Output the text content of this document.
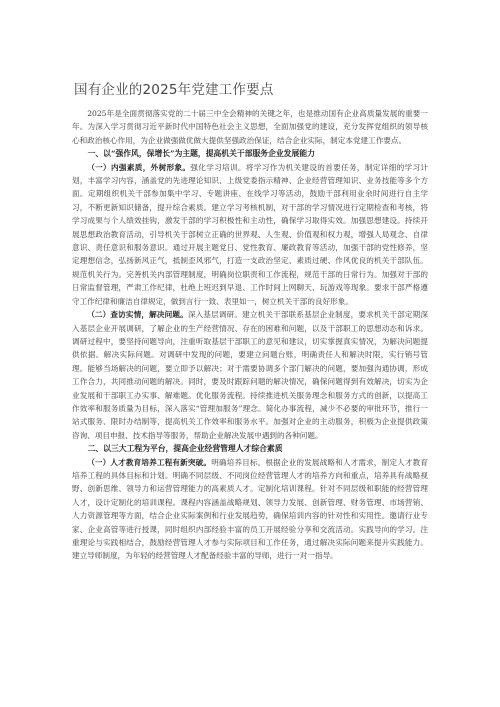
国有企业的2025年党建工作要点

2025年是全面贯彻落实党的二十届三中全会精神的关键之年，也是推动国有企业高质量发展的重要一年。为深入学习贯彻习近平新时代中国特色社会主义思想，全面加强党的建设，充分发挥党组织的领导核心和政治核心作用，为企业做强做优做大提供坚强政治保证，结合企业实际，制定本党建工作要点。

一、以“强作风，保增长”为主题，提高机关干部服务企业发展能力

（一）内强素质，外树形象。强化学习培训。将学习作为机关建设的首要任务，制定详细的学习计划，丰富学习内容，涵盖党的先进理论知识、上级党委指示精神、企业经营管理知识、业务技能等多个方面。定期组织机关干部参加集中学习、专题讲座、在线学习等活动，鼓励干部利用业余时间进行自主学习，不断更新知识储备，提升综合素质。建立学习考核机制，对干部的学习情况进行定期检查和考核，将学习成果与个人绩效挂钩，激发干部的学习积极性和主动性，确保学习取得实效。加强思想建设。持续开展思想政治教育活动，引导机关干部树立正确的世界观、人生观、价值观和权力观，增强人局观念、自律意识、责任意识和服务意识。通过开展主题党日、党性教育、廉政教育等活动，加强干部的党性修养，坚定理想信念，弘扬新风正气，抵制歪风邪气，打造一支政治坚定、素质过硬、作风优良的机关干部队伍。规范机关行为。完善机关内部管理制度，明确岗位职责和工作流程，规范干部的日常行为。加强对干部的日常监督管理，严肃工作纪律，杜绝上班迟到早退、工作时间上网聊天、玩游戏等现象。要求干部严格遵守工作纪律和廉洁自律规定，做到言行一致、表里如一，树立机关干部的良好形象。

（二）查访实情，解决问题。深入基层调研。建立机关干部联系基层企业制度，要求机关干部定期深入基层企业开展调研，了解企业的生产经营情况、存在的困难和问题，以及干部职工的思想动态和诉求。调研过程中，要坚持问题导向，注重听取基层干部职工的意见和建议，切实掌握真实情况，为解决问题提供依据。解决实际问题。对调研中发现的问题，要建立问题台账，明确责任人和解决时限，实行销号管理。能够当场解决的问题，要立即予以解决；对于需要协调多个部门解决的问题，要加强沟通协调，形成工作合力，共同推动问题的解决。同时，要及时跟踪问题的解决情况，确保问题得到有效解决，切实为企业发展和干部职工办实事、解难题。优化服务流程。持续推进机关服务理念和服务方式的创新，以提高工作效率和服务质量为目标，深入落实“管理加服务”理念。简化办事流程，减少不必要的审批环节，推行一站式服务、限时办结制等，提高机关工作效率和服务水平。加强对企业的主动服务，积极为企业提供政策咨询、项目申报、技术指导等服务，帮助企业解决发展中遇到的各种问题。

二、以三大工程为平台，提高企业经营管理人才综合素质

（一）人才教育培养工程有新突破。明确培养目标。根据企业的发展战略和人才需求，制定人才教育培养工程的具体目标和计划。明确不同层级、不同岗位经营管理人才的培养方向和重点，培养具有战略视野、创新思维、领导力和运营管理能力的高素质人才。定制化培训课程。针对不同层级和职能的经营管理人才，设计定制化的培训课程。课程内容涵盖战略规划、领导力发展、创新管理、财务管理、市场营销、人力资源管理等方面，结合企业实际案例和行业发展趋势，确保培训内容的针对性和实用性。邀请行业专家、企业高管等进行授课，同时组织内部经验丰富的员工开展经验分享和交流活动。实践导向的学习。注重理论与实践相结合，鼓励经营管理人才参与实际项目和工作任务，通过解决实际问题来提升实践能力。建立导师制度，为年轻的经营管理人才配备经验丰富的导师，进行一对一指导。
